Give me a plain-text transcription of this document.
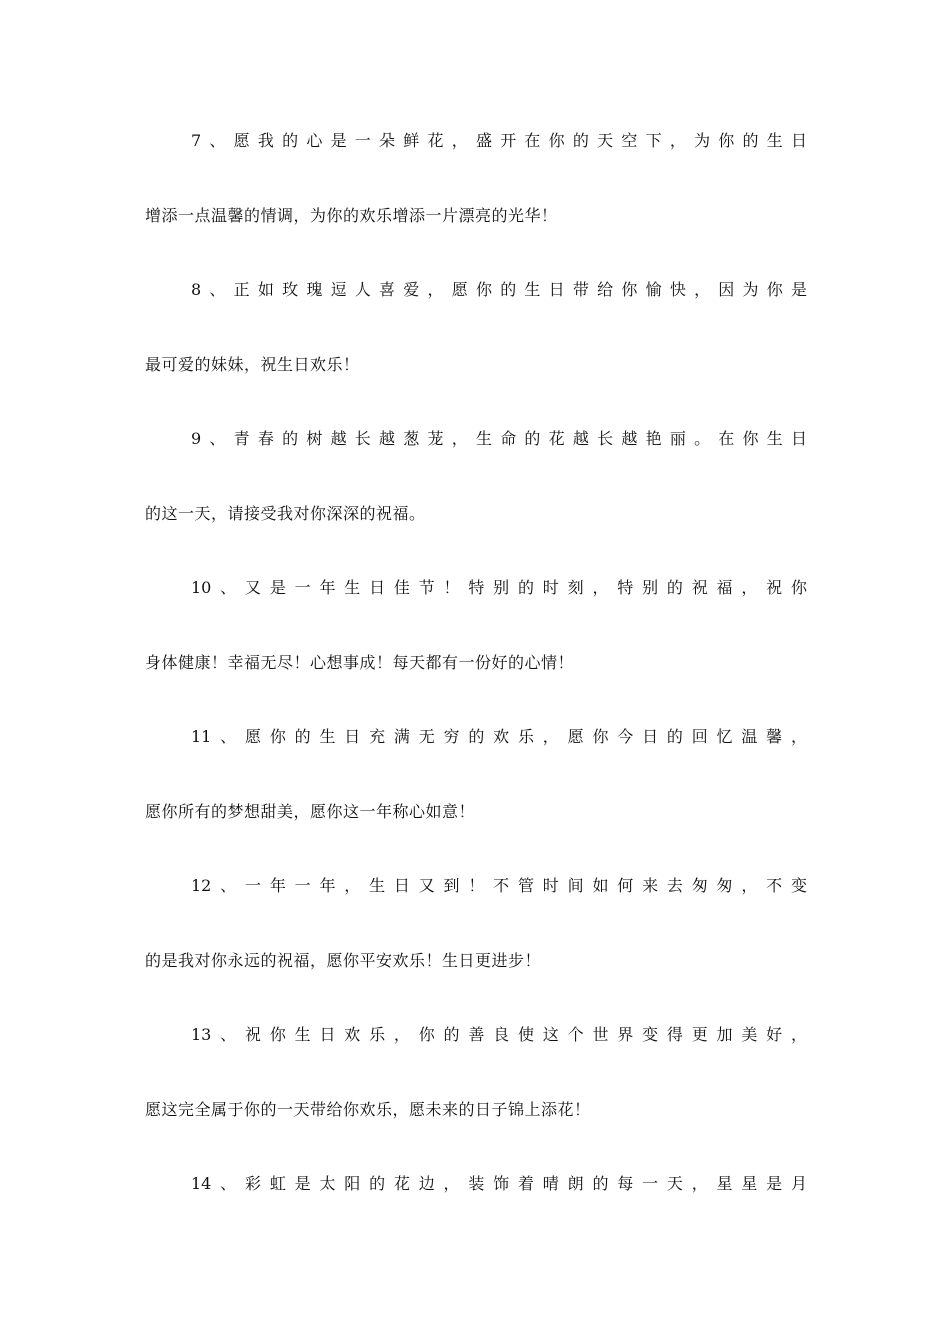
7、愿我的心是一朵鲜花，盛开在你的天空下，为你的生日
增添一点温馨的情调，为你的欢乐增添一片漂亮的光华！
8、正如玫瑰逗人喜爱，愿你的生日带给你愉快，因为你是
最可爱的妹妹，祝生日欢乐！
9、青春的树越长越葱茏，生命的花越长越艳丽。在你生日
的这一天，请接受我对你深深的祝福。
10、又是一年生日佳节！特别的时刻，特别的祝福，祝你
身体健康！幸福无尽！心想事成！每天都有一份好的心情！
11、愿你的生日充满无穷的欢乐，愿你今日的回忆温馨，
愿你所有的梦想甜美，愿你这一年称心如意！
12、一年一年，生日又到！不管时间如何来去匆匆，不变
的是我对你永远的祝福，愿你平安欢乐！生日更进步！
13、祝你生日欢乐，你的善良使这个世界变得更加美好，
愿这完全属于你的一天带给你欢乐，愿未来的日子锦上添花！
14、彩虹是太阳的花边，装饰着晴朗的每一天，星星是月
